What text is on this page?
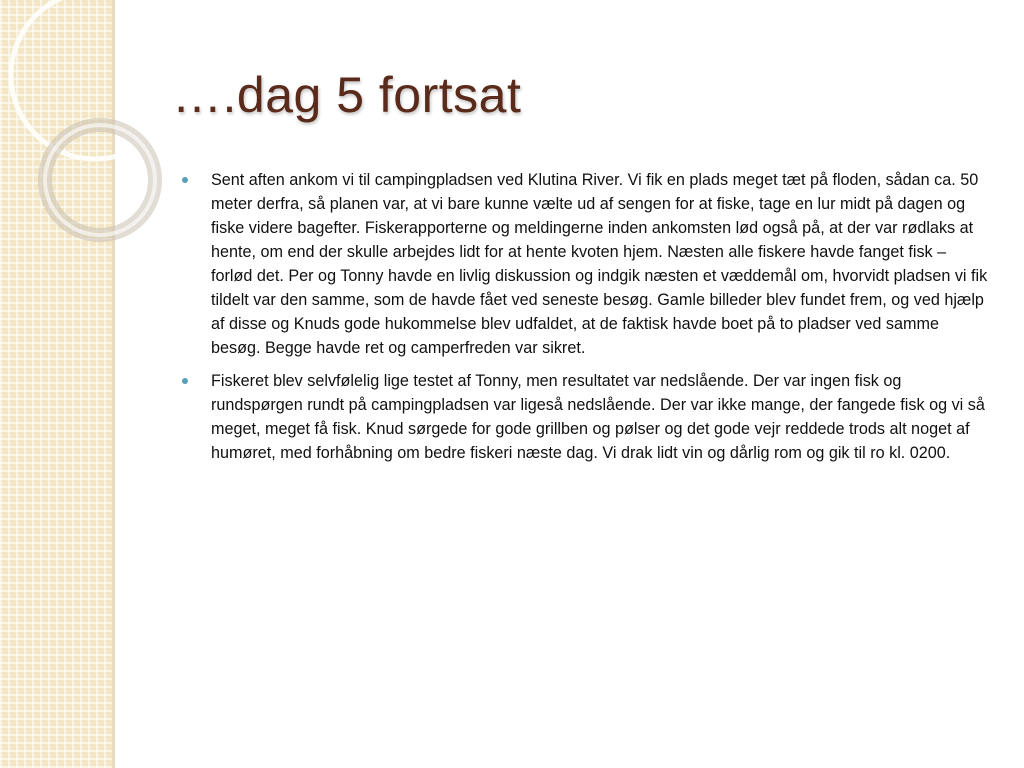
….dag 5 fortsat
Sent aften ankom vi til campingpladsen ved Klutina River. Vi fik en plads meget tæt på floden, sådan ca. 50 meter derfra, så planen var, at vi bare kunne vælte ud af sengen for at fiske, tage en lur midt på dagen og fiske videre bagefter. Fiskerapporterne og meldingerne inden ankomsten lød også på, at der var rødlaks at hente, om end der skulle arbejdes lidt for at hente kvoten hjem. Næsten alle fiskere havde fanget fisk – forlød det. Per og Tonny havde en livlig diskussion og indgik næsten et væddemål om, hvorvidt pladsen vi fik tildelt var den samme, som de havde fået ved seneste besøg. Gamle billeder blev fundet frem, og ved hjælp af disse og Knuds gode hukommelse blev udfaldet, at de faktisk havde boet på to pladser ved samme besøg. Begge havde ret og camperfreden var sikret.
Fiskeret blev selvfølelig lige testet af Tonny, men resultatet var nedslående. Der var ingen fisk og rundspørgen rundt på campingpladsen var ligeså nedslående. Der var ikke mange, der fangede fisk og vi så meget, meget få fisk. Knud sørgede for gode grillben og pølser og det gode vejr reddede trods alt noget af humøret, med forhåbning om bedre fiskeri næste dag. Vi drak lidt vin og dårlig rom og gik til ro kl. 0200.
